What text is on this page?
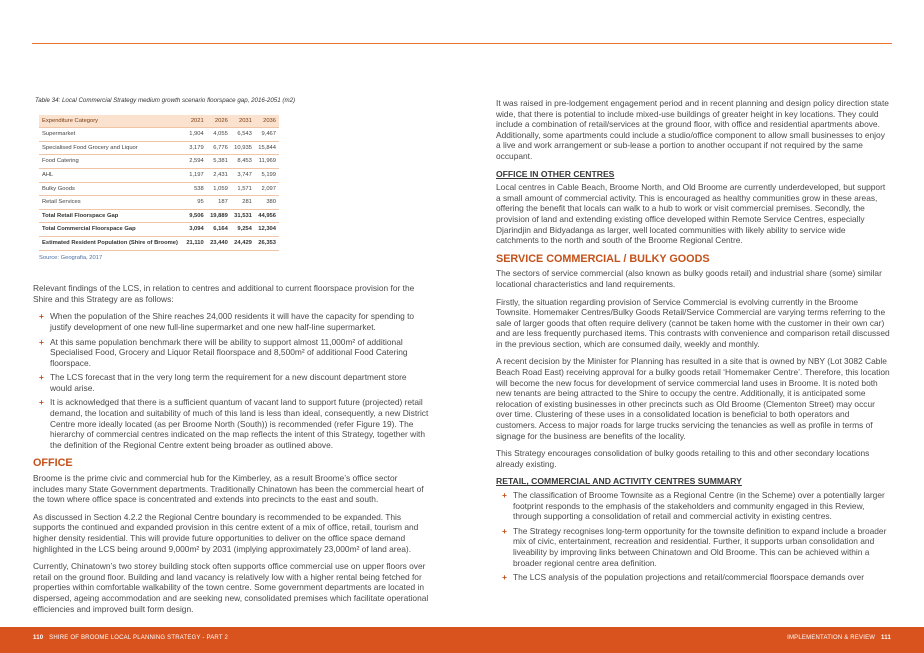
Table 34: Local Commercial Strategy medium growth scenario floorspace gap, 2016-2051 (m2)
Expenditure Category	2021	2026	2031	2036
Supermarket	1,904	4,055	6,543	9,467
Specialised Food Grocery and Liquor	3,179	6,776	10,935	15,844
Food Catering	2,594	5,381	8,453	11,969
AHL	1,197	2,431	3,747	5,199
Bulky Goods	538	1,059	1,571	2,097
Retail Services	95	187	281	380
Total Retail Floorspace Gap	9,506	19,889	31,531	44,956
Total Commercial Floorspace Gap	3,094	6,164	9,254	12,304
Estimated Resident Population (Shire of Broome)	21,110	23,440	24,429	26,353
Source: Geografia, 2017

Relevant findings of the LCS, in relation to centres and additional to current floorspace provision for the Shire and this Strategy are as follows:

+ When the population of the Shire reaches 24,000 residents it will have the capacity for spending to justify development of one new full-line supermarket and one new half-line supermarket.
+ At this same population benchmark there will be ability to support almost 11,000m² of additional Specialised Food, Grocery and Liquor Retail floorspace and 8,500m² of additional Food Catering floorspace.
+ The LCS forecast that in the very long term the requirement for a new discount department store would arise.
+ It is acknowledged that there is a sufficient quantum of vacant land to support future (projected) retail demand, the location and suitability of much of this land is less than ideal, consequently, a new District Centre more ideally located (as per Broome North (South)) is recommended (refer Figure 19). The hierarchy of commercial centres indicated on the map reflects the intent of this Strategy, together with the definition of the Regional Centre extent being broader as outlined above.
OFFICE

Broome is the prime civic and commercial hub for the Kimberley, as a result Broome’s office sector includes many State Government departments. Traditionally Chinatown has been the commercial heart of the town where office space is concentrated and extends into precincts to the east and south.

As discussed in Section 4.2.2 the Regional Centre boundary is recommended to be expanded. This supports the continued and expanded provision in this centre extent of a mix of office, retail, tourism and higher density residential. This will provide future opportunities to deliver on the office space demand highlighted in the LCS being around 9,000m² by 2031 (implying approximately 23,000m² of land area).

Currently, Chinatown’s two storey building stock often supports office commercial use on upper floors over retail on the ground floor. Building and land vacancy is relatively low with a higher rental being fetched for properties within comfortable walkability of the town centre. Some government departments are located in dispersed, ageing accommodation and are seeking new, consolidated premises which facilitate operational efficiencies and improved built form design.

It was raised in pre-lodgement engagement period and in recent planning and design policy direction state wide, that there is potential to include mixed-use buildings of greater height in key locations. They could include a combination of retail/services at the ground floor, with office and residential apartments above. Additionally, some apartments could include a studio/office component to allow small businesses to enjoy a live and work arrangement or sub-lease a portion to another occupant if not required by the same occupant.

OFFICE IN OTHER CENTRES

Local centres in Cable Beach, Broome North, and Old Broome are currently underdeveloped, but support a small amount of commercial activity. This is encouraged as healthy communities grow in these areas, offering the benefit that locals can walk to a hub to work or visit commercial premises. Secondly, the provision of land and extending existing office developed within Remote Service Centres, especially Djarindjin and Bidyadanga as larger, well located communities with likely ability to service wide catchments to the north and south of the Broome Regional Centre.

SERVICE COMMERCIAL / BULKY GOODS

The sectors of service commercial (also known as bulky goods retail) and industrial share (some) similar locational characteristics and land requirements.

Firstly, the situation regarding provision of Service Commercial is evolving currently in the Broome Townsite. Homemaker Centres/Bulky Goods Retail/Service Commercial are varying terms referring to the sale of larger goods that often require delivery (cannot be taken home with the customer in their own car) and are less frequently purchased items. This contrasts with convenience and comparison retail discussed in the previous section, which are consumed daily, weekly and monthly.

A recent decision by the Minister for Planning has resulted in a site that is owned by NBY (Lot 3082 Cable Beach Road East) receiving approval for a bulky goods retail ‘Homemaker Centre’. Therefore, this location will become the new focus for development of service commercial land uses in Broome. It is noted both new tenants are being attracted to the Shire to occupy the centre. Additionally, it is anticipated some relocation of existing businesses in other precincts such as Old Broome (Clementon Street) may occur over time. Clustering of these uses in a consolidated location is beneficial to both operators and customers. Access to major roads for large trucks servicing the tenancies as well as profile in terms of signage for the business are benefits of the locality.

This Strategy encourages consolidation of bulky goods retailing to this and other secondary locations already existing.

RETAIL, COMMERCIAL AND ACTIVITY CENTRES SUMMARY
+ The classification of Broome Townsite as a Regional Centre (in the Scheme) over a potentially larger footprint responds to the emphasis of the stakeholders and community engaged in this Review, through supporting a consolidation of retail and commercial activity in existing centres.
+ The Strategy recognises long-term opportunity for the townsite definition to expand include a broader mix of civic, entertainment, recreation and residential. Further, it supports urban consolidation and liveability by improving links between Chinatown and Old Broome. This can be achieved within a broader regional centre area definition.
+ The LCS analysis of the population projections and retail/commercial floorspace demands over
110 SHIRE OF BROOME LOCAL PLANNING STRATEGY - PART 2	IMPLEMENTATION & REVIEW 111
